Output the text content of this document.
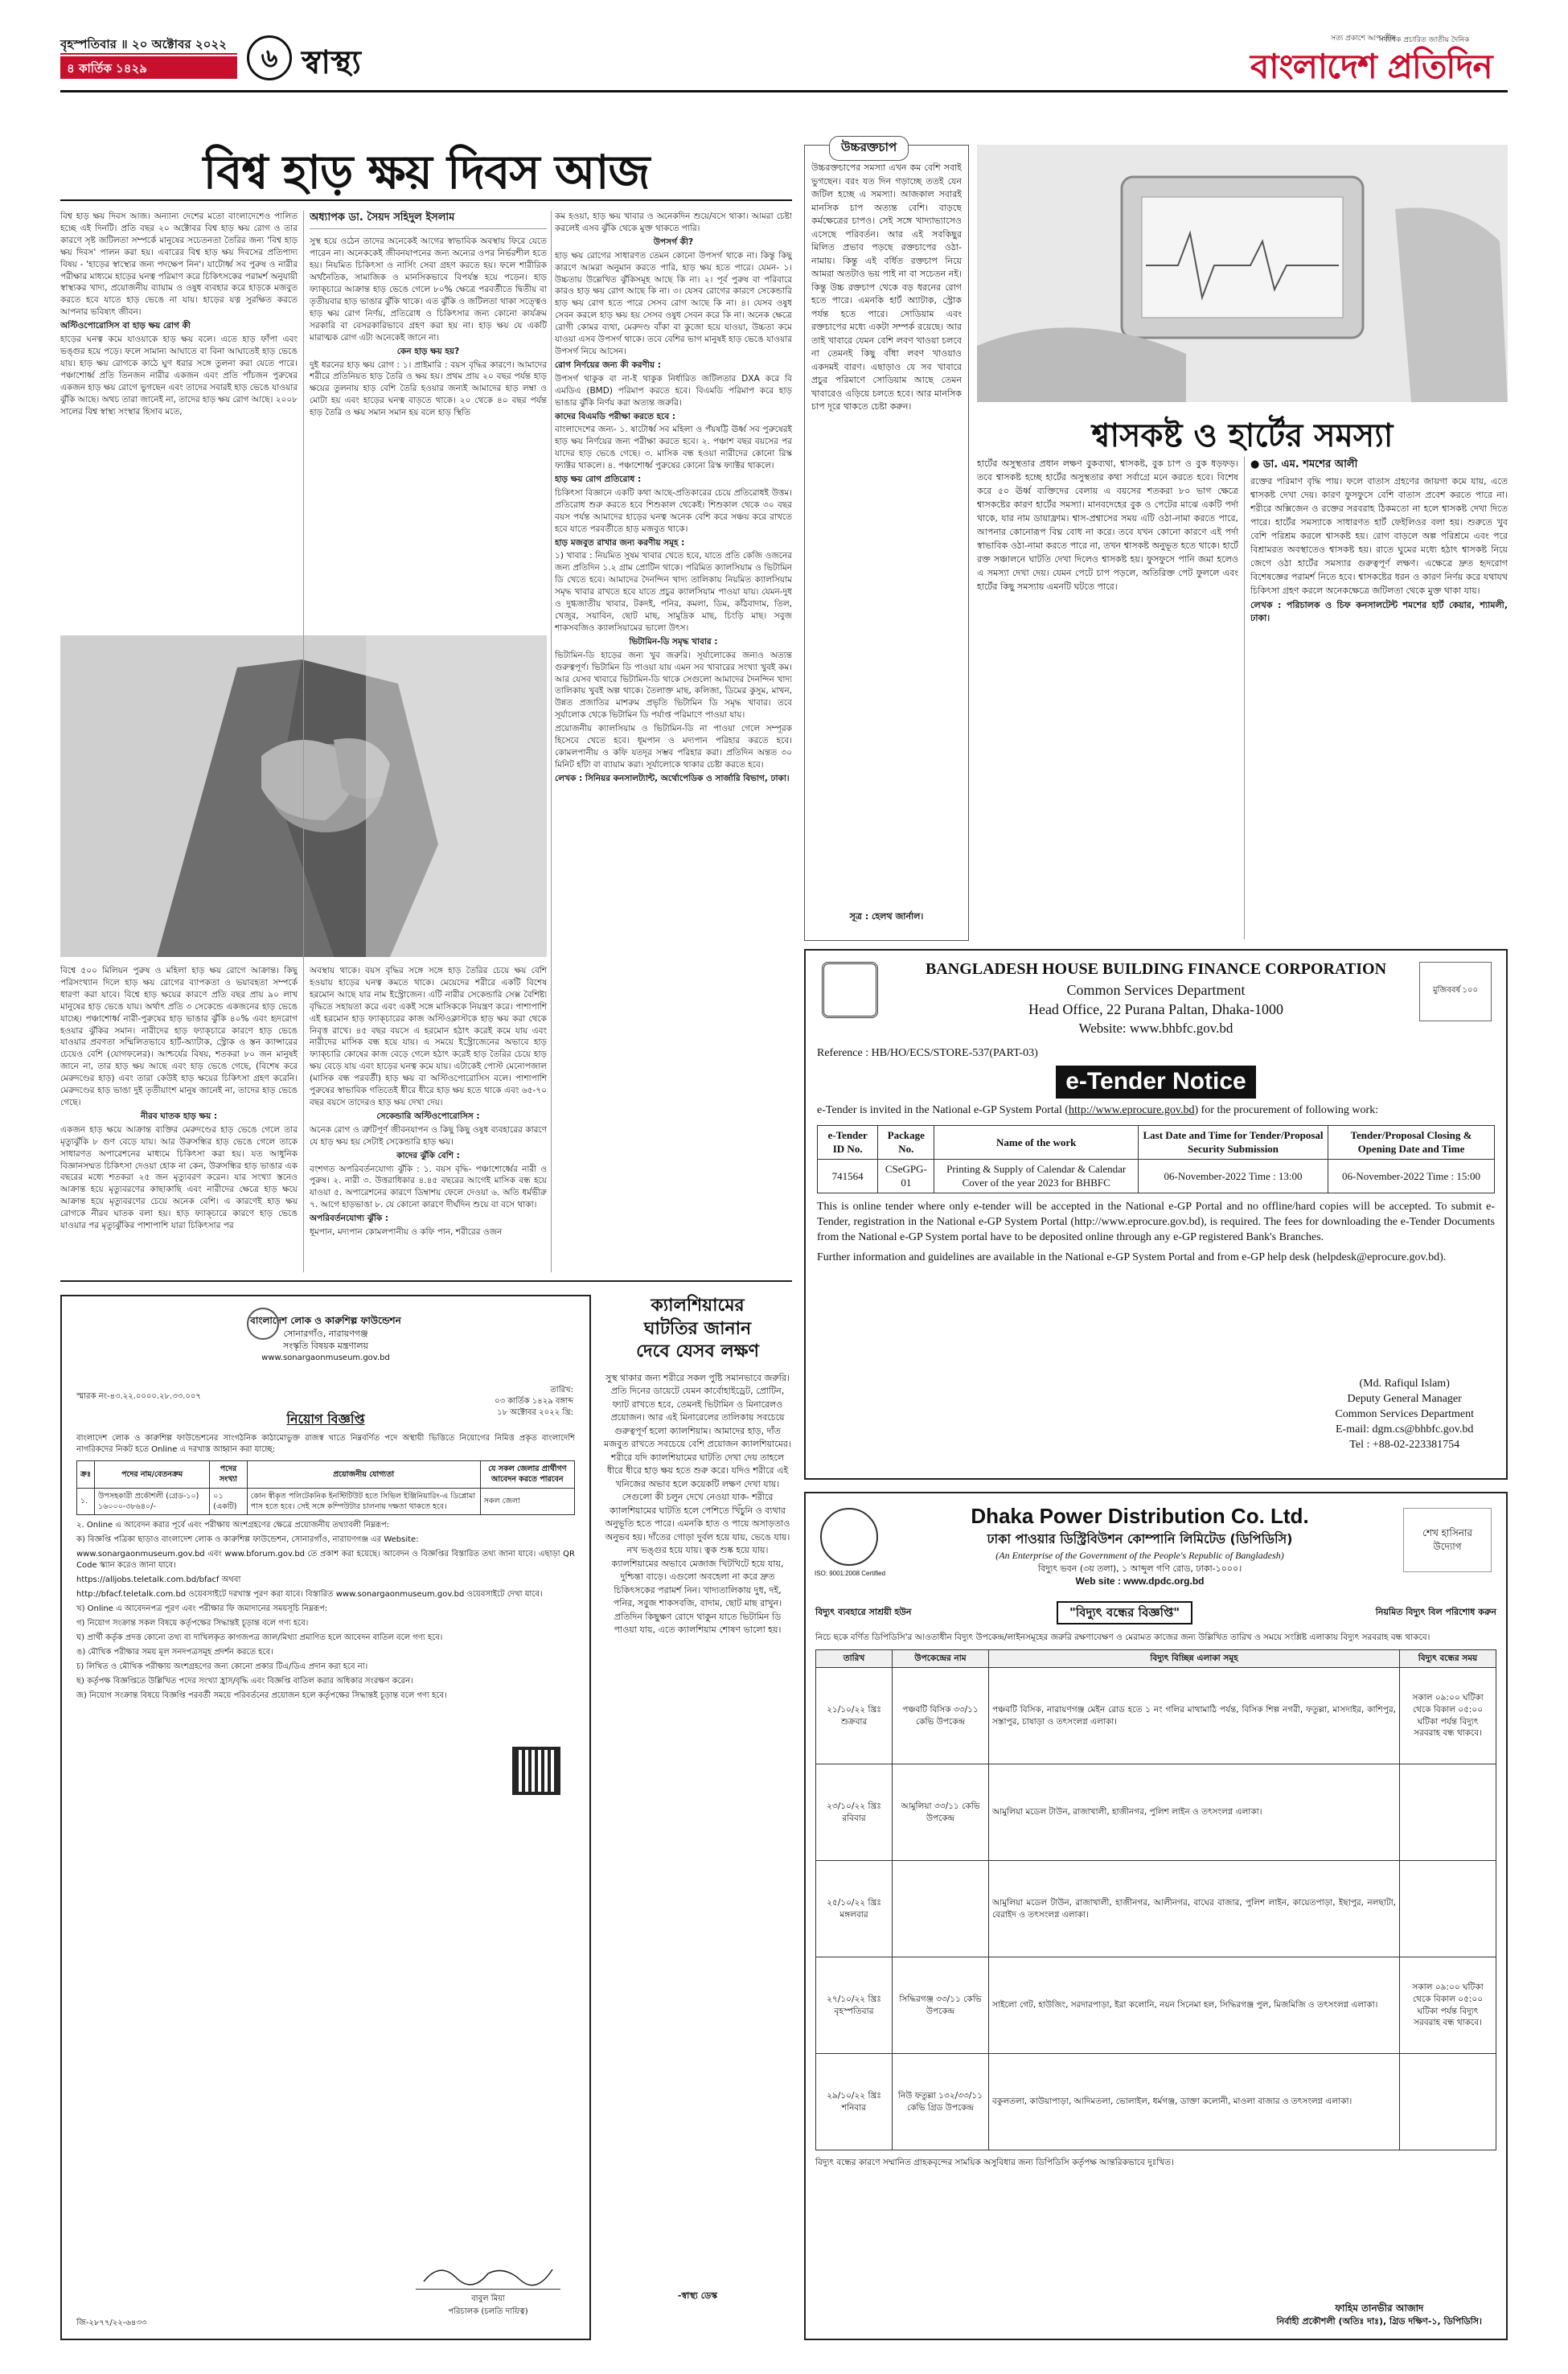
বৃহস্পতিবার ॥ ২০ অক্টোবর ২০২২
৪ কার্তিক ১৪২৯	৬ স্বাস্থ্য
সত্য প্রকাশে আপসহীন
বাংলাদেশ প্রতিদিন
সর্বাধিক প্রচারিত জাতীয় দৈনিক
বিশ্ব হাড় ক্ষয় দিবস আজ

বিশ্ব হাড় ক্ষয় দিবস আজ। অন্যান্য দেশের মতো বাংলাদেশেও পালিত হচ্ছে এই দিনটি। প্রতি বছর ২০ অক্টোবর বিশ্ব হাড় ক্ষয় রোগ ও তার কারণে সৃষ্ট জটিলতা সম্পর্কে মানুষের সচেতনতা তৈরির জন্য 'বিশ্ব হাড় ক্ষয় দিবস' পালন করা হয়। এবারের বিশ্ব হাড় ক্ষয় দিবসের প্রতিপাদ্য বিষয় - 'হাড়ের স্বাস্থ্যের জন্য পদক্ষেপ নিন'। যাটোর্ধ্ব সব পুরুষ ও নারীর পরীক্ষার মাধ্যমে হাড়ের ঘনত্ব পরিমাণ করে চিকিৎসকের পরামর্শ অনুযায়ী স্বাস্থ্যকর খাদ্য, প্রয়োজনীয় ব্যায়াম ও ওষুধ ব্যবহার করে হাড়কে মজবুত করতে হবে যাতে হাড় ভেঙে না যায়। হাড়ের যত্ন সুরক্ষিত করতে আপনার ভবিষ্যৎ জীবন।

অস্টিওপোরোসিস বা হাড় ক্ষয় রোগ কী

হাড়ের ঘনত্ব কমে যাওয়াকে হাড় ক্ষয় বলে। এতে হাড় ফাঁপা এবং ভঙ্গুর হয়ে পড়ে। ফলে সামান্য আঘাতে বা বিনা আঘাতেই হাড় ভেঙে যায়। হাড় ক্ষয় রোগকে কাঠে ঘুণ ধরার সঙ্গে তুলনা করা যেতে পারে। পঞ্চাশোর্ধ্ব প্রতি তিনজন নারীর একজন এবং প্রতি পাঁচজন পুরুষের একজন হাড় ক্ষয় রোগে ভুগছেন এবং তাদের সবারই হাড় ভেঙে যাওয়ার ঝুঁকি আছে। অথচ তারা জানেই না, তাদের হাড় ক্ষয় রোগ আছে। ২০০৮ সালের বিশ্ব স্বাস্থ্য সংস্থার হিসাব মতে,

অধ্যাপক ডা. সৈয়দ সহিদুল ইসলাম

সুস্থ হয়ে ওঠেন তাদের অনেকেই আগের স্বাভাবিক অবস্থায় ফিরে যেতে পারেন না। অনেককেই জীবনযাপনের জন্য অন্যের ওপর নির্ভরশীল হতে হয়। নিয়মিত চিকিৎসা ও নার্সিং সেবা গ্রহণ করতে হয়। ফলে শারীরিক অর্থনৈতিক, সামাজিক ও মানসিকভাবে বিপর্যস্ত হয়ে পড়েন। হাড় ফ্যাক্চারে আক্রান্ত হাড় ভেঙে গেলে ৮০% ক্ষেত্রে পরবর্তীতে দ্বিতীয় বা তৃতীয়বার হাড় ভাঙার ঝুঁকি থাকে। এত ঝুঁকি ও জটিলতা থাকা সত্ত্বেও হাড় ক্ষয় রোগ নির্ণয়, প্রতিরোধ ও চিকিৎসার জন্য কোনো কার্যক্রম সরকারি বা বেসরকারিভাবে গ্রহণ করা হয় না। হাড় ক্ষয় যে একটি মারাত্মক রোগ এটা অনেকেই জানে না।

কেন হাড় ক্ষয় হয়?

দুই ধরনের হাড় ক্ষয় রোগ : ১। প্রাইমারি : বয়স বৃদ্ধির কারণে। আমাদের শরীরে প্রতিনিয়ত হাড় তৈরি ও ক্ষয় হয়। প্রথম প্রায় ২০ বছর পর্যন্ত হাড় ক্ষয়ের তুলনায় হাড় বেশি তৈরি হওয়ার জন্যই আমাদের হাড় লম্বা ও মোটা হয় এবং হাড়ের ঘনত্ব বাড়তে থাকে। ২০ থেকে ৪০ বছর পর্যন্ত হাড় তৈরি ও ক্ষয় সমান সমান হয় বলে হাড় স্থিতি

কম হওয়া, হাড় ক্ষয় খাবার ও অনেকদিন শুয়ে/বসে থাকা। আমরা চেষ্টা করলেই এসব ঝুঁকি থেকে মুক্ত থাকতে পারি।

উপসর্গ কী?

হাড় ক্ষয় রোগের সাধারণত তেমন কোনো উপসর্গ থাকে না। কিন্তু কিছু কারণে আমরা অনুমান করতে পারি, হাড় ক্ষয় হতে পারে। যেমন- ১। উচ্চতায় উল্লেখিত ঝুঁকিসমূহ আছে কি না। ২। পূর্ব পুরুষ বা পরিবারে কারও হাড় ক্ষয় রোগ আছে কি না। ৩। যেসব রোগের কারণে সেকেন্ডারি হাড় ক্ষয় রোগ হতে পারে সেসব রোগ আছে কি না। ৪। যেসব ওষুধ সেবন করলে হাড় ক্ষয় হয় সেসব ওষুধ সেবন করে কি না। অনেক ক্ষেত্রে রোগী কোমর ব্যথা, মেরুদণ্ড বাঁকা বা কুজো হয়ে যাওয়া, উচ্চতা কমে যাওয়া এসব উপসর্গ থাকে। তবে বেশির ভাগ মানুষই হাড় ভেঙে যাওয়ার উপসর্গ নিয়ে আসেন।

রোগ নির্ণয়ের জন্য কী করণীয় :

উপসর্গ থাকুক বা না-ই থাকুক নির্ধারিত জটিলতার DXA করে বি এমডিএ (BMD) পরিমাপ করতে হবে। বিএমডি পরিমাপ করে হাড় ভাঙার ঝুঁকি নির্ণয় করা অত্যন্ত জরুরি।

কাদের বিএমডি পরীক্ষা করতে হবে :

বাংলাদেশের জন্য- ১. ষাটোর্ধ্ব সব মহিলা ও পঁয়ষট্টি ঊর্ধ্ব সব পুরুষেরই হাড় ক্ষয় নির্ণয়ের জন্য পরীক্ষা করতে হবে। ২. পঞ্চাশ বছর বয়সের পর যাদের হাড় ভেঙে গেছে। ৩. মাসিক বন্ধ হওয়া নারীদের কোনো রিস্ক ফ্যাক্টর থাকলে। ৪. পঞ্চাশোর্ধ্ব পুরুষের কোনো রিস্ক ফ্যাক্টর থাকলে।

হাড় ক্ষয় রোগ প্রতিরোধ :

চিকিৎসা বিজ্ঞানে একটি কথা আছে-প্রতিকারের চেয়ে প্রতিরোধই উত্তম। প্রতিরোধ শুরু করতে হবে শিশুকাল থেকেই। শিশুকাল থেকে ৩০ বছর বয়স পর্যন্ত আমাদের হাড়ের ঘনত্ব অনেক বেশি করে সঞ্চয় করে রাখতে হবে যাতে পরবর্তীতে হাড় মজবুত থাকে।

হাড় মজবুত রাখার জন্য করণীয় সমূহ :

১) খাবার : নিয়মিত সুষম খাবার খেতে হবে, যাতে প্রতি কেজি ওজনের জন্য প্রতিদিন ১.২ গ্রাম প্রোটিন থাকে। পরিমিত ক্যালসিয়াম ও ভিটামিন ডি খেতে হবে। আমাদের দৈনন্দিন খাদ্য তালিকায় নিয়মিত ক্যালসিয়াম সমৃদ্ধ খাবার রাখতে হবে যাতে প্রচুর ক্যালসিয়াম পাওয়া যায়। যেমন-দুধ ও দুগ্ধজাতীয় খাবার, টকদই, পনির, কমলা, ডিম, কাঁঠবাদাম, তিল, খেজুর, সয়াবিন, ছোট মাছ, সামুদ্রিক মাছ, চিংড়ি মাছ। সবুজ শাকসবজিও ক্যালসিয়ামের ভালো উৎস।

ভিটামিন-ডি সমৃদ্ধ খাবার :

ভিটামিন-ডি হাড়ের জন্য খুব জরুরি। সূর্যালোকের জন্যও অত্যন্ত গুরুত্বপূর্ণ। ভিটামিন ডি পাওয়া যায় এমন সব খাবারের সংখ্যা খুবই কম। আর যেসব খাবারে ভিটামিন-ডি থাকে সেগুলো আমাদের দৈনন্দিন খাদ্য তালিকায় খুবই অল্প থাকে। তৈলাক্ত মাছ, কলিজা, ডিমের কুসুম, মাখন, উন্নত প্রজাতির মাশরুম প্রভৃতি ভিটামিন ডি সমৃদ্ধ খাবার। তবে সূর্যালোক থেকে ভিটামিন ডি পর্যাপ্ত পরিমাণে পাওয়া যায়।

প্রয়োজনীয় ক্যালসিয়াম ও ভিটামিন-ডি না পাওয়া গেলে সম্পূরক হিসেবে খেতে হবে। ধূমপান ও মদ্যপান পরিহার করতে হবে। কোমলপানীয় ও কফি যতদূর সম্ভব পরিহার করা। প্রতিদিন অন্তত ৩০ মিনিট হাঁটা বা ব্যায়াম করা। সূর্যালোকে থাকার চেষ্টা করতে হবে।

লেখক : সিনিয়র কনসালট্যান্ট, অর্থোপেডিক ও সার্জারি বিভাগ, ঢাকা।

বিশ্বে ৫০০ মিলিয়ন পুরুষ ও মহিলা হাড় ক্ষয় রোগে আক্রান্ত। কিছু পরিসংখ্যান দিলে হাড় ক্ষয় রোগের ব্যাপকতা ও ভয়াবহতা সম্পর্কে ধারণা করা যাবে। বিশ্বে হাড় ক্ষয়ের কারণে প্রতি বছর প্রায় ৯০ লাখ মানুষের হাড় ভেঙে যায়। অর্থাৎ প্রতি ৩ সেকেন্ডে একজনের হাড় ভেঙে যাচ্ছে। পঞ্চাশোর্ধ্ব নারী-পুরুষের হাড় ভাঙার ঝুঁকি ৪০% এবং হৃদরোগ হওয়ার ঝুঁকির সমান। নারীদের হাড় ফ্যাক্চারে কারণে হাড় ভেঙে যাওয়ার প্রবণতা সম্মিলিতভাবে হার্ট-অ্যাটাক, স্ট্রোক ও স্তন ক্যান্সারের চেয়েও বেশি (যোগফলের)। আশ্চর্যের বিষয়, শতকরা ৮০ জন মানুষই জানে না, তার হাড় ক্ষয় আছে এবং হাড় ভেঙে গেছে, (বিশেষ করে মেরুদণ্ডের হাড়) এবং তারা কেউই হাড় ক্ষয়ের চিকিৎসা গ্রহণ করেনি। মেরুদণ্ডের হাড় ভাঙা দুই তৃতীয়াংশ মানুষ জানেই না, তাদের হাড় ভেঙে গেছে।

নীরব ঘাতক হাড় ক্ষয় :

একজন হাড় ক্ষয়ে আক্রান্ত ব্যক্তির মেরুদণ্ডের হাড় ভেঙে গেলে তার মৃত্যুঝুঁকি ৮ গুণ বেড়ে যায়। আর উরুসন্ধির হাড় ভেঙে গেলে তাকে সাধারণত অপারেশনের মাধ্যমে চিকিৎসা করা হয়। যত আধুনিক বিজ্ঞানসম্মত চিকিৎসা দেওয়া হোক না কেন, উরুসন্ধির হাড় ভাঙার এক বছরের মধ্যে শতকরা ২৫ জন মৃত্যুবরণ করেন। যার সংখ্যা স্তনেও আক্রান্ত হয়ে মৃত্যুবরণের কাছাকাছি এবং নারীদের ক্ষেত্রে হাড় ক্ষয়ে আক্রান্ত হয়ে মৃত্যুবরণের চেয়ে অনেক বেশি। এ কারণেই হাড় ক্ষয় রোগকে নীরব ঘাতক বলা হয়। হাড় ফ্যাক্চারে কারণে হাড় ভেঙে যাওয়ার পর মৃত্যুঝুঁকির পাশাপাশি যারা চিকিৎসার পর

অবস্থায় থাকে। বয়স বৃদ্ধির সঙ্গে সঙ্গে হাড় তৈরির চেয়ে ক্ষয় বেশি হওয়ায় হাড়ের ঘনত্ব কমতে থাকে। মেয়েদের শরীরে একটি বিশেষ হরমোন আছে যার নাম ইস্ট্রোজেন। এটি নারীর সেকেন্ডারি সেক্স বৈশিষ্ট্য বৃদ্ধিতে সহায়তা করে এবং একই সঙ্গে মাসিককে নিয়ন্ত্রণ করে। পাশাপাশি এই হরমোন হাড় ফ্যাক্চারের কাজ অস্টিওক্লাস্টকে হাড় ক্ষয় করা থেকে নিবৃত্ত রাখে। ৪৫ বছর বয়সে এ হরমোন হঠাৎ করেই কমে যায় এবং নারীদের মাসিক বন্ধ হয়ে যায়। এ সময়ে ইস্ট্রোজেনের অভাবে হাড় ফ্যাক্চারি কোষের কাজ বেড়ে গেলে হঠাৎ করেই হাড় তৈরির চেয়ে হাড় ক্ষয় বেড়ে যায় এবং হাড়ের ঘনত্ব কমে যায়। এটাকেই পোস্ট মেনোপজাল (মাসিক বন্ধ পরবর্তী) হাড় ক্ষয় বা অস্টিওপোরোসিস বলে। পাশাপাশি পুরুষের স্বাভাবিক গতিতেই ধীরে ধীরে হাড় ক্ষয় হতে থাকে এবং ৬৫-৭০ বছর বয়সে তাদেরও হাড় ক্ষয় দেখা দেয়।

সেকেন্ডারি অস্টিওপোরোসিস :

অনেক রোগ ও ত্রুটিপূর্ণ জীবনযাপন ও কিছু কিছু ওষুধ ব্যবহারের কারণে যে হাড় ক্ষয় হয় সেটাই সেকেন্ডারি হাড় ক্ষয়।

কাদের ঝুঁকি বেশি :

বংশগত অপরিবর্তনযোগ্য ঝুঁকি : ১. বয়স বৃদ্ধি- পঞ্চাশোর্ধ্বের নারী ও পুরুষ। ২. নারী ৩. উত্তরাধিকার ৪.৪৫ বছরের আগেই মাসিক বন্ধ হয়ে যাওয়া ৫. অপারেশনের কারণে ডিম্বাশয় ফেলে দেওয়া ৬. অতি ধর্মভীরু ৭. আগে হাড়ভাঙা ৮. যে কোনো কারণে দীর্ঘদিন শুয়ে বা বসে থাকা।

অপরিবর্তনযোগ্য ঝুঁকি :

ধূমপান, মদ্যপান কোমলপানীয় ও কফি পান, শরীরের ওজন

বাংলাদেশ লোক ও কারুশিল্প ফাউন্ডেশন
সোনারগাঁও, নারায়ণগঞ্জ
সংস্কৃতি বিষয়ক মন্ত্রণালয়
www.sonargaonmuseum.gov.bd
তারিখ:
০৩ কার্তিক ১৪২৯ বঙ্গাব্দ
১৮ অক্টোবর ২০২২ খ্রি:
স্মারক নং-৪৩.২২.০০০০.২৮.৩৩.০০৭
নিয়োগ বিজ্ঞপ্তি
বাংলাদেশ লোক ও কারুশিল্প ফাউন্ডেশনের সাংগঠনিক কাঠামোভুক্ত রাজস্ব খাতে নিম্নবর্ণিত পদে অস্থায়ী ভিত্তিতে নিয়োগের নিমিত্ত প্রকৃত বাংলাদেশি নাগরিকদের নিকট হতে Online এ দরখাস্ত আহ্বান করা যাচ্ছে:
ক্রঃ	পদের নাম/বেতনক্রম	পদের সংখ্যা	প্রয়োজনীয় যোগ্যতা	যে সকল জেলার প্রার্থীগণ আবেদন করতে পারবেন
১.	উপসহকারী প্রকৌশলী (গ্রেড-১০) ১৬০০০-৩৮৬৪০/-	০১ (একটি)	কোন স্বীকৃত পলিটেকনিক ইনস্টিটিউট হতে সিভিল ইঞ্জিনিয়ারিং-এ ডিপ্লোমা পাস হতে হবে। সেই সঙ্গে কম্পিউটার চালনায় দক্ষতা থাকতে হবে।	সকল জেলা

২. Online এ আবেদন করার পূর্বে এবং পরীক্ষায় অংশগ্রহণের ক্ষেত্রে প্রয়োজনীয় তথ্যাবলী নিম্নরূপ:

ক) বিজ্ঞপ্তি পত্রিকা ছাড়াও বাংলাদেশ লোক ও কারুশিল্প ফাউন্ডেশন, সোনারগাঁও, নারায়ণগঞ্জ এর Website:

www.sonargaonmuseum.gov.bd এবং www.bforum.gov.bd তে প্রকাশ করা হয়েছে। আবেদন ও বিজ্ঞপ্তির বিস্তারিত তথ্য জানা যাবে। এছাড়া QR Code স্ক্যান করেও জানা যাবে।

https://alljobs.teletalk.com.bd/bfacf অথবা

http://bfacf.teletalk.com.bd ওয়েবসাইটে দরখাস্ত পূরণ করা যাবে। বিস্তারিত www.sonargaonmuseum.gov.bd ওয়েবসাইটে দেখা যাবে।

খ) Online এ আবেদনপত্র পূরণ এবং পরীক্ষার ফি জমাদানের সময়সূচি নিম্নরূপ:

গ) নিয়োগ সংক্রান্ত সকল বিষয়ে কর্তৃপক্ষের সিদ্ধান্তই চূড়ান্ত বলে গণ্য হবে।

ঘ) প্রার্থী কর্তৃক প্রদত্ত কোনো তথ্য বা দাখিলকৃত কাগজপত্র জাল/মিথ্যা প্রমাণিত হলে আবেদন বাতিল বলে গণ্য হবে।

ঙ) মৌখিক পরীক্ষার সময় মূল সনদপত্রসমূহ প্রদর্শন করতে হবে।

চ) লিখিত ও মৌখিক পরীক্ষায় অংশগ্রহণের জন্য কোনো প্রকার টিএ/ডিএ প্রদান করা হবে না।

ছ) কর্তৃপক্ষ বিজ্ঞপ্তিতে উল্লিখিত পদের সংখ্যা হ্রাস/বৃদ্ধি এবং বিজ্ঞপ্তি বাতিল করার অধিকার সংরক্ষণ করেন।

জ) নিয়োগ সংক্রান্ত বিষয়ে বিজ্ঞপ্তি পরবর্তী সময়ে পরিবর্তনের প্রয়োজন হলে কর্তৃপক্ষের সিদ্ধান্তই চূড়ান্ত বলে গণ্য হবে।

বাবুল মিয়া
পরিচালক (চলতি দায়িত্ব)
জি-২৮৭৭/২২-৬৪৩৩
ক্যালশিয়ামের
ঘাটতির জানান
দেবে যেসব লক্ষণ
সুস্থ থাকার জন্য শরীরে সকল পুষ্টি সমানভাবে জরুরি। প্রতি দিনের ডায়েটে যেমন কার্বোহাইড্রেট, প্রোটিন, ফ্যাট রাখতে হবে, তেমনই ভিটামিন ও মিনারেলও প্রয়োজন। আর এই মিনারেলের তালিকায় সবচেয়ে গুরুত্বপূর্ণ হলো ক্যালশিয়াম। আমাদের হাড়, দাঁত মজবুত রাখতে সবচেয়ে বেশি প্রয়োজন ক্যালশিয়ামের। শরীরে যদি ক্যালশিয়ামের ঘাটতি দেখা দেয় তাহলে ধীরে ধীরে হাড় ক্ষয় হতে শুরু করে। যদিও শরীরে এই খনিজের অভাব হলে কয়েকটি লক্ষণ দেখা যায়। সেগুলো কী চলুন দেখে নেওয়া যাক- শরীরে ক্যালশিয়ামের ঘাটতি হলে পেশিতে খিঁচুনি ও ব্যথার অনুভূতি হতে পারে। এমনকি হাত ও পায়ে অসাড়তাও অনুভব হয়। দাঁতের গোড়া দুর্বল হয়ে যায়, ভেঙে যায়। নখ ভঙ্গুর হয়ে যায়। ত্বক শুষ্ক হয়ে যায়। ক্যালশিয়ামের অভাবে মেজাজ খিটখিটে হয়ে যায়, দুশ্চিন্তা বাড়ে। এগুলো অবহেলা না করে দ্রুত চিকিৎসকের পরামর্শ নিন। খাদ্যতালিকায় দুধ, দই, পনির, সবুজ শাকসবজি, বাদাম, ছোট মাছ রাখুন। প্রতিদিন কিছুক্ষণ রোদে থাকুন যাতে ভিটামিন ডি পাওয়া যায়, এতে ক্যালশিয়াম শোষণ ভালো হয়।
-স্বাস্থ্য ডেস্ক
উচ্চরক্তচাপ
উচ্চরক্তচাপের সমস্যা এখন কম বেশি সবাই ভুগছেন। বরং যত দিন গড়াচ্ছে ততই যেন জটিল হচ্ছে এ সমস্যা। আজকাল সবারই মানসিক চাপ অত্যন্ত বেশি। বাড়ছে কর্মক্ষেত্রের চাপও। সেই সঙ্গে খাদ্যাভ্যাসেও এসেছে পরিবর্তন। আর এই সবকিছুর মিলিত প্রভাব পড়ছে রক্তচাপের ওঠা-নামায়। কিন্তু এই বর্ধিত রক্তচাপ নিয়ে আমরা অতটাও ভয় পাই না বা সচেতন নই। কিন্তু উচ্চ রক্তচাপ থেকে বড় ধরনের রোগ হতে পারে। এমনকি হার্ট অ্যাটাক, স্ট্রোক পর্যন্ত হতে পারে। সোডিয়াম এবং রক্তচাপের মধ্যে একটা সম্পর্ক রয়েছে। আর তাই খাবারে যেমন বেশি লবণ খাওয়া চলবে না তেমনই কিছু বাঁধা লবণ খাওয়াও একদমই বারণ। এছাড়াও যে সব খাবারে প্রচুর পরিমাণে সোডিয়াম আছে তেমন খাবারেও এড়িয়ে চলতে হবে। আর মানসিক চাপ দূরে থাকতে চেষ্টা করুন।
সূত্র : হেলথ জার্নাল।
শ্বাসকষ্ট ও হার্টের সমস্যা
● ডা. এম. শমশের আলী

হার্টের অসুস্থতার প্রধান লক্ষণ বুকব্যথা, শ্বাসকষ্ট, বুক চাপ ও বুক ধড়ফড়। তবে শ্বাসকষ্ট হচ্ছে হার্টের অসুস্থতার কথা সর্বাগ্রে মনে করতে হবে। বিশেষ করে ৫০ ঊর্ধ্ব ব্যক্তিদের বেলায় এ বয়সের শতকরা ৮০ ভাগ ক্ষেত্রে শ্বাসকষ্টের কারণ হার্টের সমস্যা। মানবদেহের বুক ও পেটের মাঝে একটি পর্দা থাকে, যার নাম ডায়াফ্রাম। শ্বাস-প্রশ্বাসের সময় এটি ওঠা-নামা করতে পারে, আপনার কোনোরূপ বিঘ্ন বোধ না করে। তবে যখন কোনো কারণে এই পর্দা স্বাভাবিক ওঠা-নামা করতে পারে না, তখন শ্বাসকষ্ট অনুভূত হতে থাকে। হার্টে রক্ত সঞ্চালনে ঘাটতি দেখা দিলেও শ্বাসকষ্ট হয়। ফুসফুসে পানি জমা হলেও এ সমস্যা দেখা দেয়। যেমন পেটে চাপ পড়লে, অতিরিক্ত পেট ফুললে এবং হার্টের কিছু সমস্যায় এমনটি ঘটতে পারে।

রক্তের পরিমাণ বৃদ্ধি পায়। ফলে বাতাস গ্রহণের জায়গা কমে যায়, এতে শ্বাসকষ্ট দেখা দেয়। কারণ ফুসফুসে বেশি বাতাস প্রবেশ করতে পারে না। শরীরে অক্সিজেন ও রক্তের সরবরাহ ঠিকমতো না হলে শ্বাসকষ্ট দেখা দিতে পারে। হার্টের সমস্যাকে সাধারণত হার্ট ফেইলিওর বলা হয়। শুরুতে খুব বেশি পরিশ্রম করলে শ্বাসকষ্ট হয়। রোগ বাড়লে অল্প পরিশ্রমে এবং পরে বিশ্রামরত অবস্থাতেও শ্বাসকষ্ট হয়। রাতে ঘুমের মধ্যে হঠাৎ শ্বাসকষ্ট নিয়ে জেগে ওঠা হার্টের সমস্যার গুরুত্বপূর্ণ লক্ষণ। এক্ষেত্রে দ্রুত হৃদরোগ বিশেষজ্ঞের পরামর্শ নিতে হবে। শ্বাসকষ্টের ধরন ও কারণ নির্ণয় করে যথাযথ চিকিৎসা গ্রহণ করলে অনেকক্ষেত্রে জটিলতা থেকে মুক্ত থাকা যায়।

লেখক : পরিচালক ও চিফ কনসালটেন্ট শমশের হার্ট কেয়ার, শ্যামলী, ঢাকা।

মুজিববর্ষ ১০০
BANGLADESH HOUSE BUILDING FINANCE CORPORATION
Common Services Department
Head Office, 22 Purana Paltan, Dhaka-1000
Website: www.bhbfc.gov.bd
Reference : HB/HO/ECS/STORE-537(PART-03)
e-Tender Notice
e-Tender is invited in the National e-GP System Portal (http://www.eprocure.gov.bd) for the procurement of following work:
e-Tender ID No.	Package No.	Name of the work	Last Date and Time for Tender/Proposal Security Submission	Tender/Proposal Closing & Opening Date and Time
741564	CSeGPG-01	Printing & Supply of Calendar & Calendar Cover of the year 2023 for BHBFC	06-November-2022 Time : 13:00	06-November-2022 Time : 15:00

This is online tender where only e-tender will be accepted in the National e-GP Portal and no offline/hard copies will be accepted. To submit e-Tender, registration in the National e-GP System Portal (http://www.eprocure.gov.bd), is required. The fees for downloading the e-Tender Documents from the National e-GP System portal have to be deposited online through any e-GP registered Bank's Branches.

Further information and guidelines are available in the National e-GP System Portal and from e-GP help desk (helpdesk@eprocure.gov.bd).

(Md. Rafiqul Islam)
Deputy General Manager
Common Services Department
E-mail: dgm.cs@bhbfc.gov.bd
Tel : +88-02-223381754
ISO: 9001:2008 Certified
শেখ হাসিনার
উদ্যোগ
Dhaka Power Distribution Co. Ltd.
ঢাকা পাওয়ার ডিস্ট্রিবিউশন কোম্পানি লিমিটেড (ডিপিডিসি)
(An Enterprise of the Government of the People's Republic of Bangladesh)
বিদ্যুৎ ভবন (৩য় তলা), ১ আব্দুল গণি রোড, ঢাকা-১০০০।
Web site : www.dpdc.org.bd
বিদ্যুৎ ব্যবহারে সাশ্রয়ী হউন	"বিদ্যুৎ বন্ধের বিজ্ঞপ্তি"	নিয়মিত বিদ্যুৎ বিল পরিশোধ করুন

নিচে ছকে বর্ণিত ডিপিডিসি'র আওতাধীন বিদ্যুৎ উপকেন্দ্র/লাইনসমূহের জরুরি রক্ষণাবেক্ষণ ও মেরামত কাজের জন্য উল্লিখিত তারিখ ও সময়ে সংশ্লিষ্ট এলাকায় বিদ্যুৎ সরবরাহ বন্ধ থাকবে।

তারিখ	উপকেন্দ্রের নাম	বিদ্যুৎ বিচ্ছিন্ন এলাকা সমূহ	বিদ্যুৎ বন্ধের সময়
২১/১০/২২ খ্রিঃ শুক্রবার	পঞ্চবটি বিসিক ৩৩/১১ কেভি উপকেন্দ্র	পঞ্চবটি বিসিক, নারায়ণগঞ্জ মেইন রোড হতে ১ নং গলির মাথামাঠি পর্যন্ত, বিসিক শিল্প নগরী, ফতুল্লা, মাসদাইর, কাশিপুর, সস্তাপুর, চাষাড়া ও তৎসংলগ্ন এলাকা।	সকাল ০৯:০০ ঘটিকা থেকে বিকাল ০৫:০০ ঘটিকা পর্যন্ত বিদ্যুৎ সরবরাহ বন্ধ থাকবে।
২৩/১০/২২ খ্রিঃ রবিবার	আমুলিয়া ৩৩/১১ কেভি উপকেন্দ্র	আমুলিয়া মডেল টাউন, রাজাখালী, হাজীনগর, পুলিশ লাইন ও তৎসংলগ্ন এলাকা।	
২৫/১০/২২ খ্রিঃ মঙ্গলবার		আমুলিয়া মডেল টাউন, রাজাখালী, হাজীনগর, আলীনগর, বাঘের বাজার, পুলিশ লাইন, কায়েতপাড়া, ইছাপুর, নলছাটা, বেরাইদ ও তৎসংলগ্ন এলাকা।	
২৭/১০/২২ খ্রিঃ বৃহস্পতিবার	সিদ্ধিরগঞ্জ ৩৩/১১ কেভি উপকেন্দ্র	সাইলো গেট, হাউজিং, সরদারপাড়া, ইরা কলোনি, নয়ন সিনেমা হল, সিদ্ধিরগঞ্জ পুল, মিজমিজি ও তৎসংলগ্ন এলাকা।	সকাল ০৯:০০ ঘটিকা থেকে বিকাল ০৫:০০ ঘটিকা পর্যন্ত বিদ্যুৎ সরবরাহ বন্ধ থাকবে।
২৯/১০/২২ খ্রিঃ শনিবার	নিউ ফতুল্লা ১৩২/৩৩/১১ কেভি গ্রিড উপকেন্দ্র	বকুলতলা, কাউয়াপাড়া, আদিমতলা, ভোলাইল, ধর্মগঞ্জ, ডাক্তা কলোনী, মাওলা বাজার ও তৎসংলগ্ন এলাকা।	

বিদ্যুৎ বন্ধের কারণে সম্মানিত গ্রাহকবৃন্দের সাময়িক অসুবিধার জন্য ডিপিডিসি কর্তৃপক্ষ আন্তরিকভাবে দুঃখিত।

ফাহিম তানভীর আজাদ
নির্বাহী প্রকৌশলী (অতিঃ দাঃ), গ্রিড দক্ষিণ-১, ডিপিডিসি।
